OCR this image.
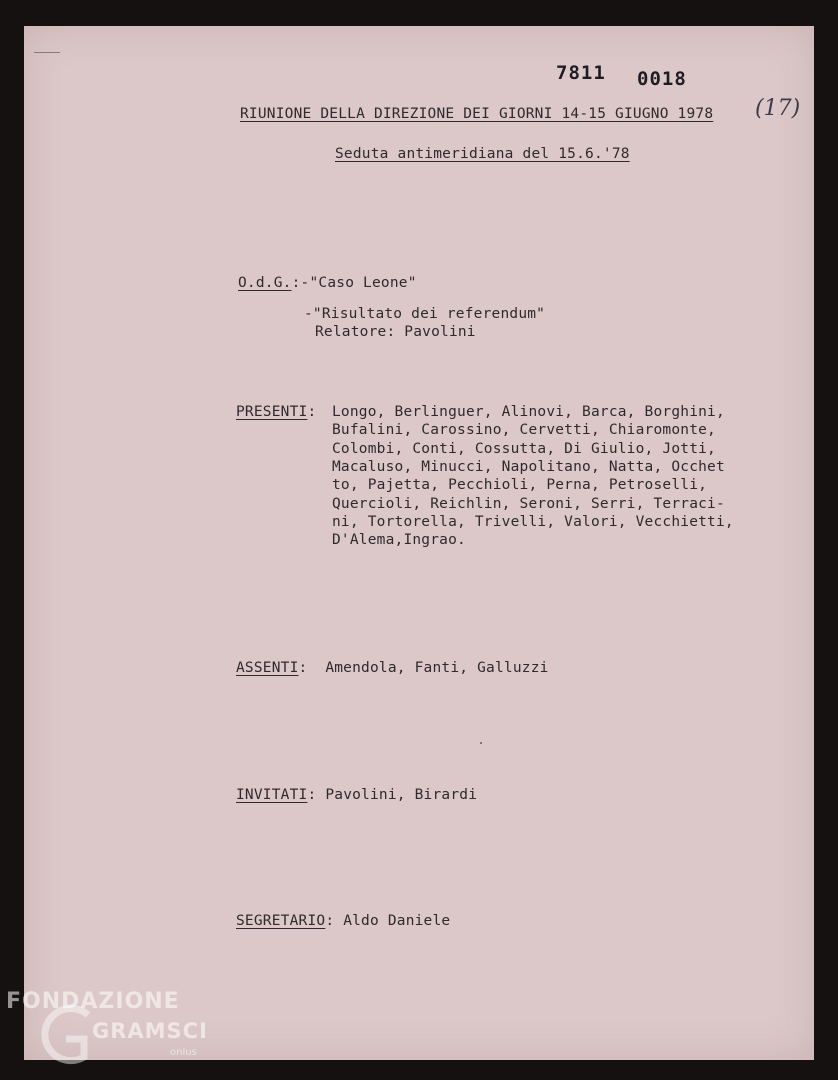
7811 0018
(17)
RIUNIONE DELLA DIREZIONE DEI GIORNI 14-15 GIUGNO 1978
Seduta antimeridiana del 15.6.'78
O.d.G.:-"Caso Leone"
-"Risultato dei referendum"
Relatore: Pavolini
PRESENTI: Longo, Berlinguer, Alinovi, Barca, Borghini,
Bufalini, Carossino, Cervetti, Chiaromonte,
Colombi, Conti, Cossutta, Di Giulio, Jotti,
Macaluso, Minucci, Napolitano, Natta, Occhet
to, Pajetta, Pecchioli, Perna, Petroselli,
Quercioli, Reichlin, Seroni, Serri, Terraci-
ni, Tortorella, Trivelli, Valori, Vecchietti,
D'Alema,Ingrao.
ASSENTI:  Amendola, Fanti, Galluzzi
INVITATI: Pavolini, Birardi
SEGRETARIO: Aldo Daniele
FONDAZIONE
GRAMSCI
onlus
